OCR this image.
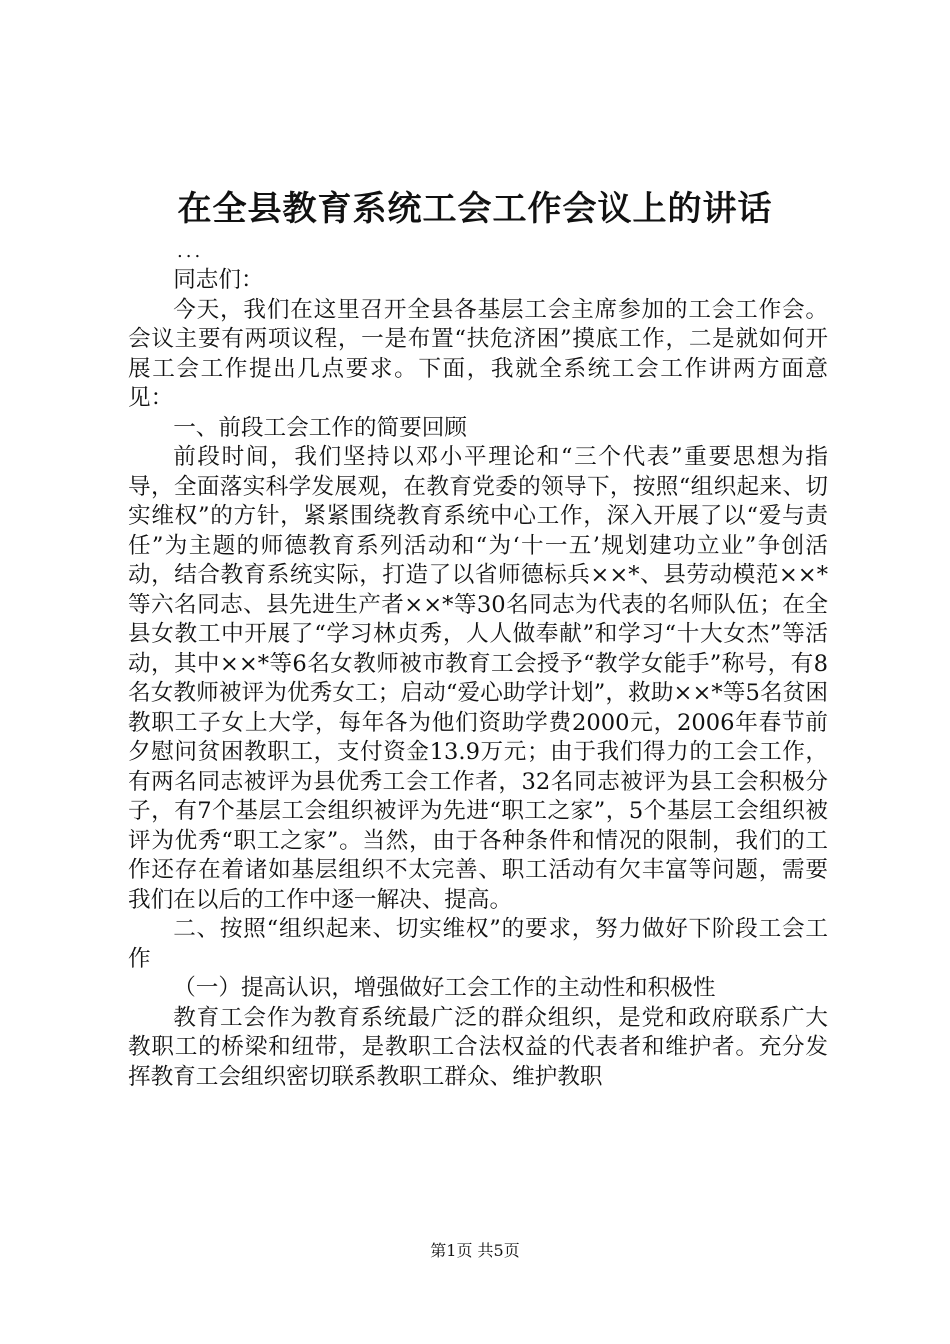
在全县教育系统工会工作会议上的讲话
...

同志们：

今天，我们在这里召开全县各基层工会主席参加的工会工作会。会议主要有两项议程，一是布置“扶危济困”摸底工作，二是就如何开展工会工作提出几点要求。下面，我就全系统工会工作讲两方面意见：

一、前段工会工作的简要回顾

前段时间，我们坚持以邓小平理论和“三个代表”重要思想为指导，全面落实科学发展观，在教育党委的领导下，按照“组织起来、切实维权”的方针，紧紧围绕教育系统中心工作，深入开展了以“爱与责任”为主题的师德教育系列活动和“为‘十一五’规划建功立业”争创活动，结合教育系统实际，打造了以省师德标兵××*、县劳动模范××*等六名同志、县先进生产者××*等30名同志为代表的名师队伍；在全县女教工中开展了“学习林贞秀，人人做奉献”和学习“十大女杰”等活动，其中××*等6名女教师被市教育工会授予“教学女能手”称号，有8名女教师被评为优秀女工；启动“爱心助学计划”，救助××*等5名贫困教职工子女上大学，每年各为他们资助学费2000元，2006年春节前夕慰问贫困教职工，支付资金13.9万元；由于我们得力的工会工作，有两名同志被评为县优秀工会工作者，32名同志被评为县工会积极分子，有7个基层工会组织被评为先进“职工之家”，5个基层工会组织被评为优秀“职工之家”。当然，由于各种条件和情况的限制，我们的工作还存在着诸如基层组织不太完善、职工活动有欠丰富等问题，需要我们在以后的工作中逐一解决、提高。

二、按照“组织起来、切实维权”的要求，努力做好下阶段工会工作

（一）提高认识，增强做好工会工作的主动性和积极性

教育工会作为教育系统最广泛的群众组织，是党和政府联系广大教职工的桥梁和纽带，是教职工合法权益的代表者和维护者。充分发挥教育工会组织密切联系教职工群众、维护教职

第1页 共5页
